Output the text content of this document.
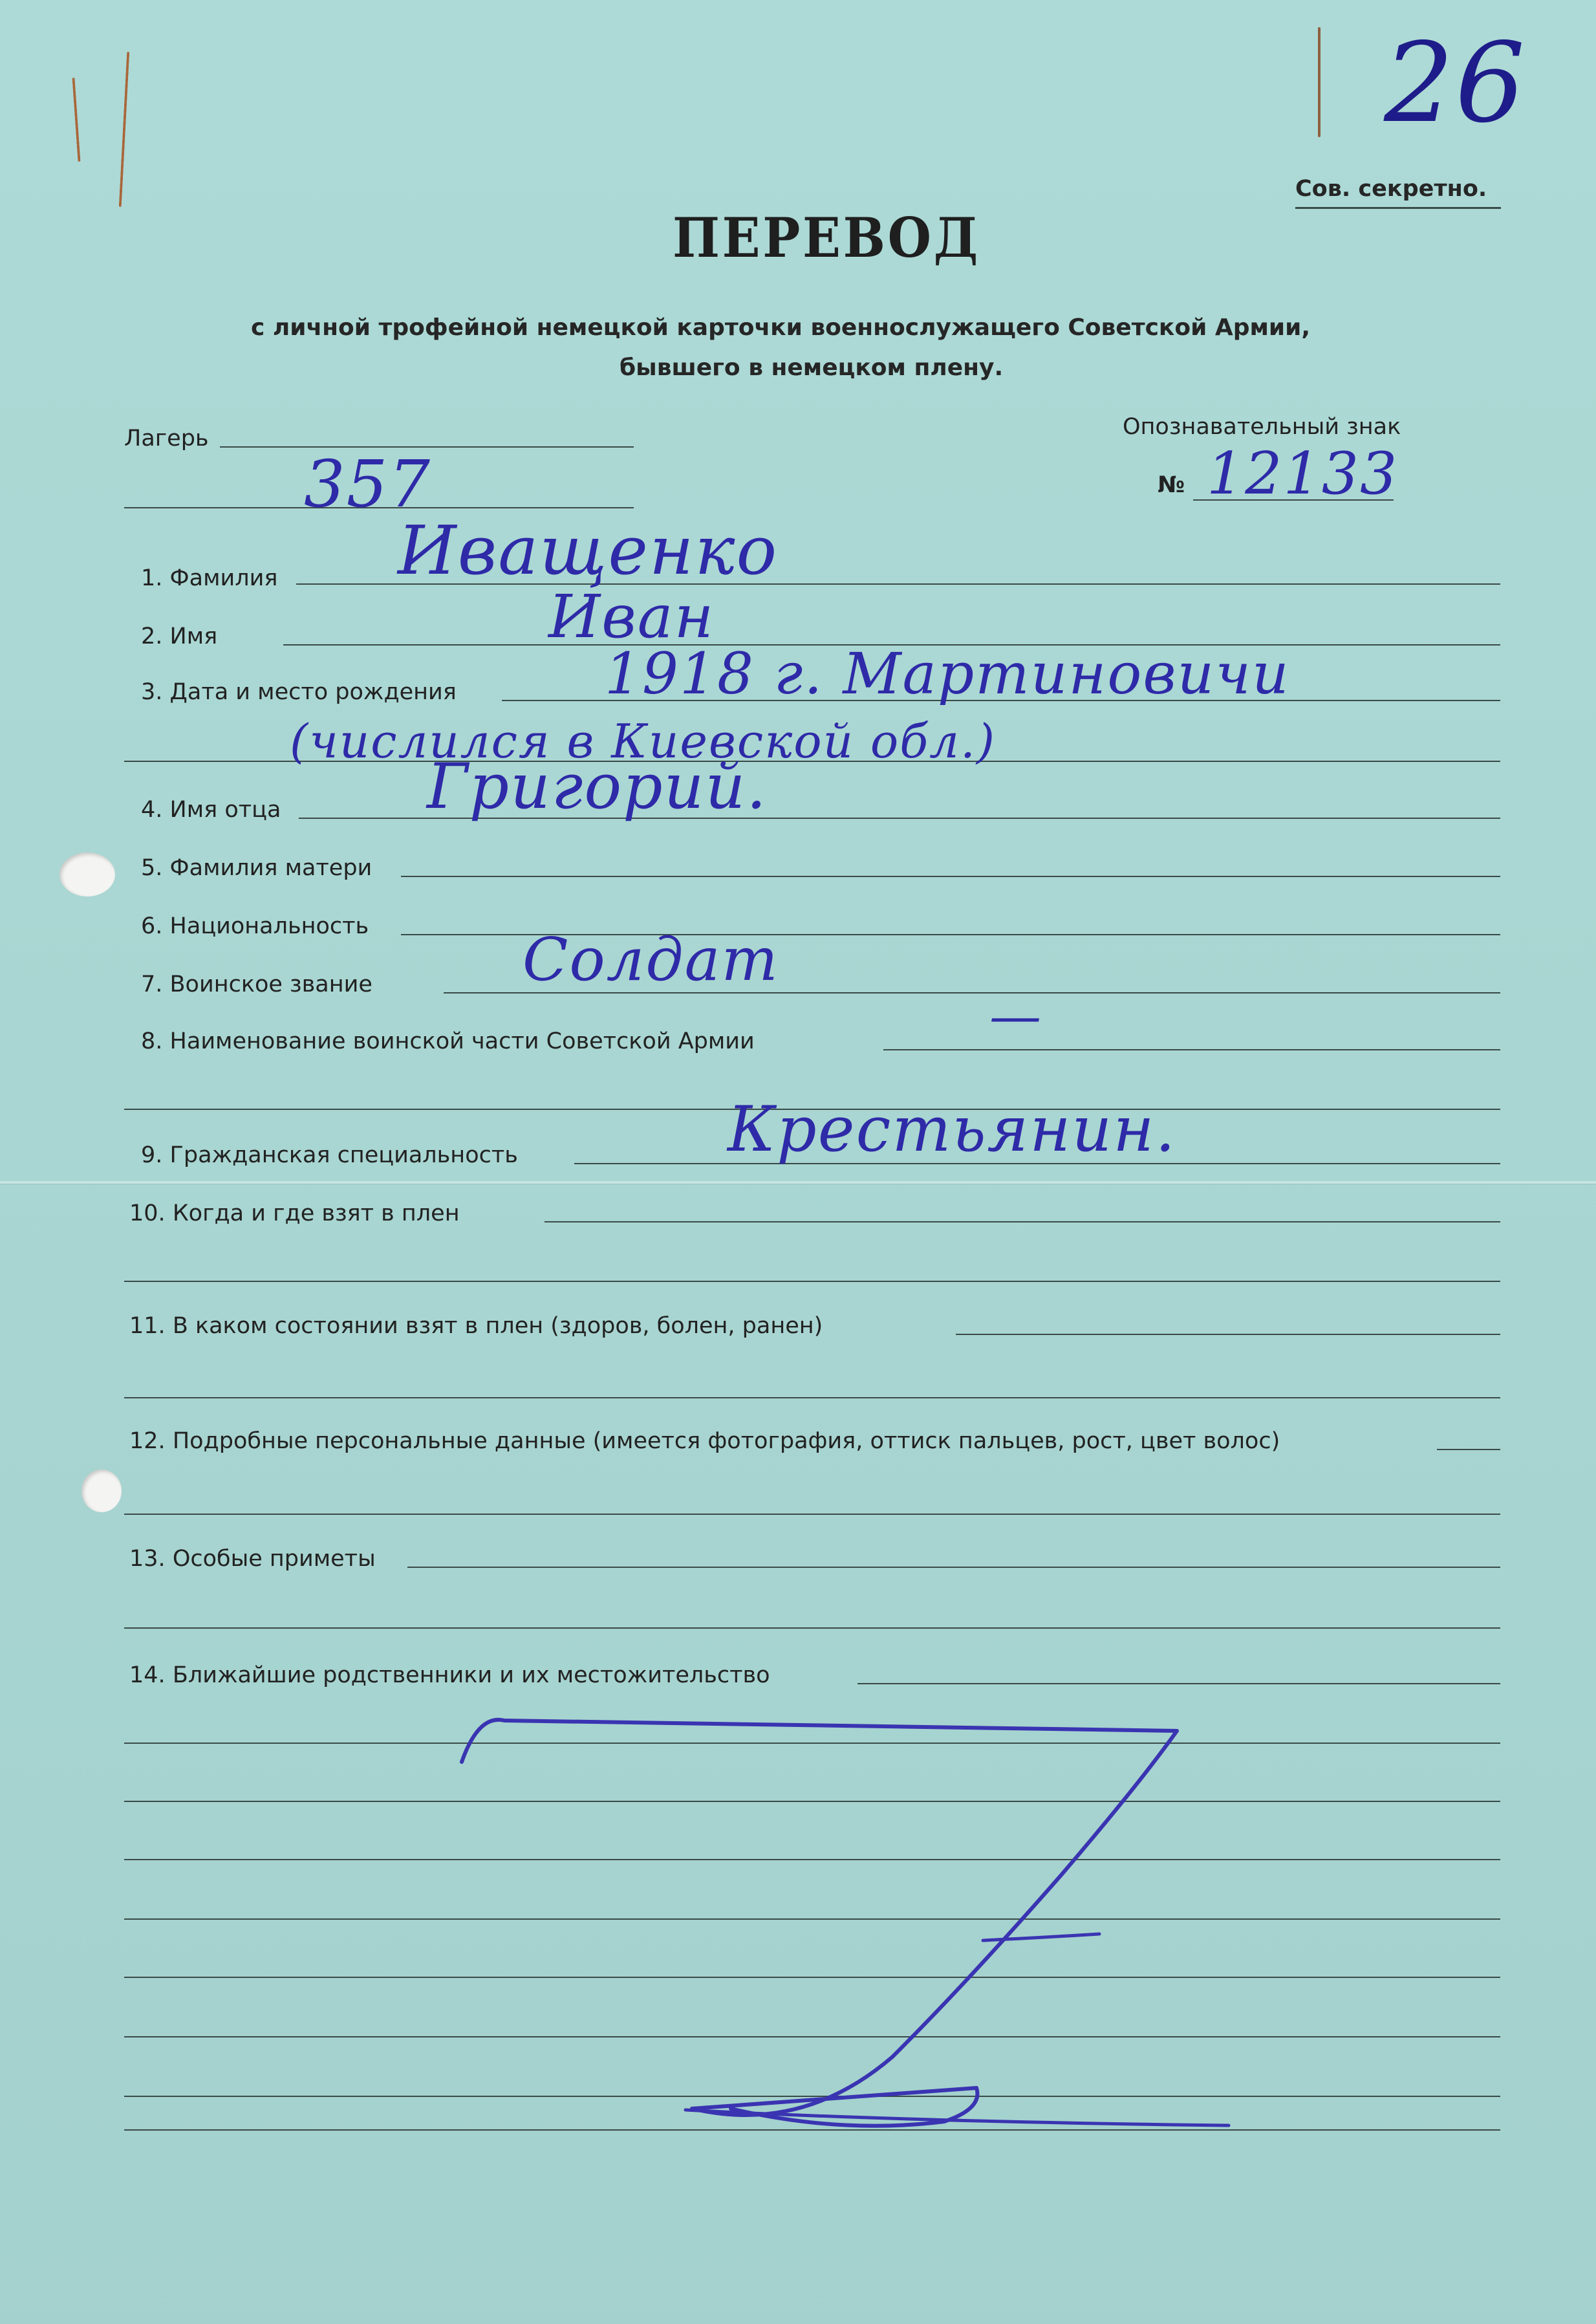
26
Сов. секретно.
ПЕРЕВОД
с личной трофейной немецкой карточки военнослужащего Советской Армии,
бывшего в немецком плену.
Лагерь
357
Опознавательный знак
№ 12133
1. Фамилия Иващенко
2. Имя	Иван
3. Дата и место рождения	1918 г. Мартиновичи
(числился в Киевской обл.)
4. Имя отца Григорий.
5. Фамилия матери
6. Национальность
7. Воинское звание	Солдат
8. Наименование воинской части Советской Армии	—
9. Гражданская специальность	Крестьянин.
10. Когда и где взят в плен
11. В каком состоянии взят в плен (здоров, болен, ранен)
12. Подробные персональные данные (имеется фотография, оттиск пальцев, рост, цвет волос)
13. Особые приметы
14. Ближайшие родственники и их местожительство
